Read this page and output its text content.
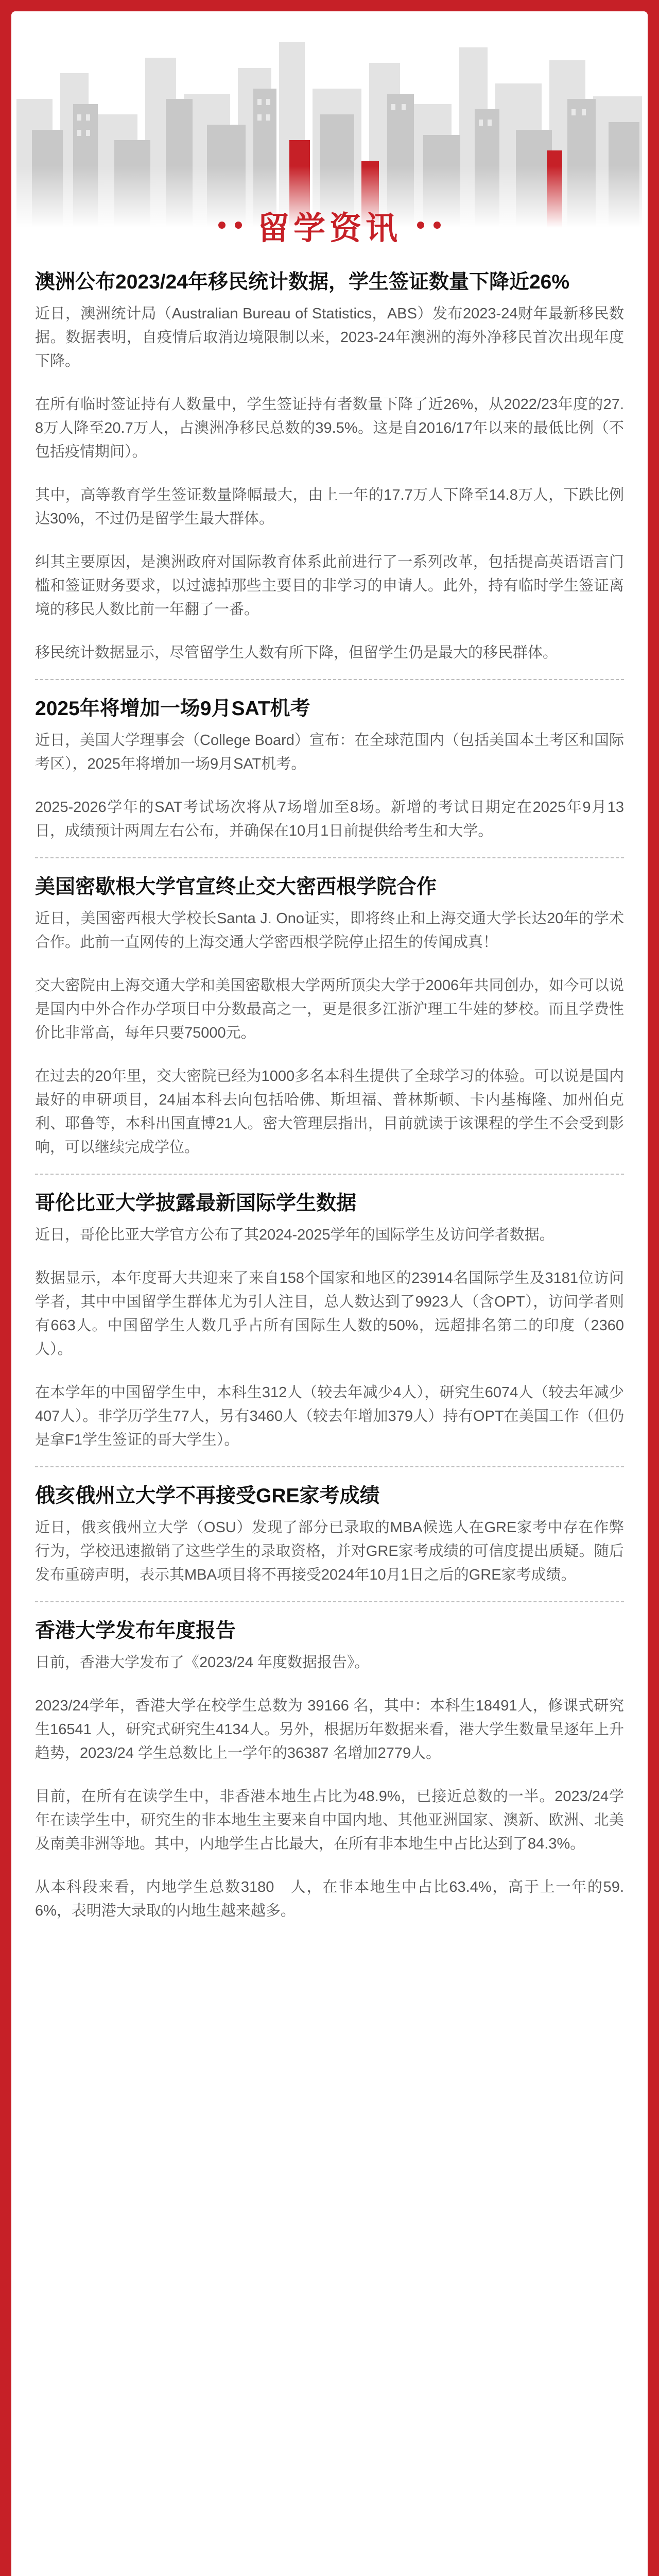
留学资讯
澳洲公布2023/24年移民统计数据，学生签证数量下降近26%

近日，澳洲统计局（Australian Bureau of Statistics，ABS）发布2023-24财年最新移民数据。数据表明，自疫情后取消边境限制以来，2023-24年澳洲的海外净移民首次出现年度下降。

在所有临时签证持有人数量中，学生签证持有者数量下降了近26%，从2022/23年度的27.8万人降至20.7万人，占澳洲净移民总数的39.5%。这是自2016/17年以来的最低比例（不包括疫情期间）。

其中，高等教育学生签证数量降幅最大，由上一年的17.7万人下降至14.8万人，下跌比例达30%，不过仍是留学生最大群体。

纠其主要原因，是澳洲政府对国际教育体系此前进行了一系列改革，包括提高英语语言门槛和签证财务要求，以过滤掉那些主要目的非学习的申请人。此外，持有临时学生签证离境的移民人数比前一年翻了一番。

移民统计数据显示，尽管留学生人数有所下降，但留学生仍是最大的移民群体。

2025年将增加一场9月SAT机考

近日，美国大学理事会（College Board）宣布：在全球范围内（包括美国本土考区和国际考区），2025年将增加一场9月SAT机考。

2025-2026学年的SAT考试场次将从7场增加至8场。新增的考试日期定在2025年9月13日，成绩预计两周左右公布，并确保在10月1日前提供给考生和大学。

美国密歇根大学官宣终止交大密西根学院合作

近日，美国密西根大学校长Santa J. Ono证实，即将终止和上海交通大学长达20年的学术合作。此前一直网传的上海交通大学密西根学院停止招生的传闻成真！

交大密院由上海交通大学和美国密歇根大学两所顶尖大学于2006年共同创办，如今可以说是国内中外合作办学项目中分数最高之一，更是很多江浙沪理工牛娃的梦校。而且学费性价比非常高，每年只要75000元。

在过去的20年里，交大密院已经为1000多名本科生提供了全球学习的体验。可以说是国内最好的申研项目，24届本科去向包括哈佛、斯坦福、普林斯顿、卡内基梅隆、加州伯克利、耶鲁等，本科出国直博21人。密大管理层指出，目前就读于该课程的学生不会受到影响，可以继续完成学位。

哥伦比亚大学披露最新国际学生数据

近日，哥伦比亚大学官方公布了其2024-2025学年的国际学生及访问学者数据。

数据显示，本年度哥大共迎来了来自158个国家和地区的23914名国际学生及3181位访问学者，其中中国留学生群体尤为引人注目，总人数达到了9923人（含OPT），访问学者则有663人。中国留学生人数几乎占所有国际生人数的50%，远超排名第二的印度（2360人）。

在本学年的中国留学生中，本科生312人（较去年减少4人），研究生6074人（较去年减少407人）。非学历学生77人，另有3460人（较去年增加379人）持有OPT在美国工作（但仍是拿F1学生签证的哥大学生）。

俄亥俄州立大学不再接受GRE家考成绩

近日，俄亥俄州立大学（OSU）发现了部分已录取的MBA候选人在GRE家考中存在作弊行为，学校迅速撤销了这些学生的录取资格，并对GRE家考成绩的可信度提出质疑。随后发布重磅声明，表示其MBA项目将不再接受2024年10月1日之后的GRE家考成绩。

香港大学发布年度报告

日前，香港大学发布了《2023/24 年度数据报告》。

2023/24学年，香港大学在校学生总数为 39166 名，其中：本科生18491人，修课式研究生16541 人，研究式研究生4134人。另外，根据历年数据来看，港大学生数量呈逐年上升趋势，2023/24 学生总数比上一学年的36387 名增加2779人。

目前，在所有在读学生中，非香港本地生占比为48.9%，已接近总数的一半。2023/24学年在读学生中，研究生的非本地生主要来自中国内地、其他亚洲国家、澳新、欧洲、北美及南美非洲等地。其中，内地学生占比最大，在所有非本地生中占比达到了84.3%。

从本科段来看，内地学生总数3180　人，在非本地生中占比63.4%，高于上一年的59.6%，表明港大录取的内地生越来越多。
